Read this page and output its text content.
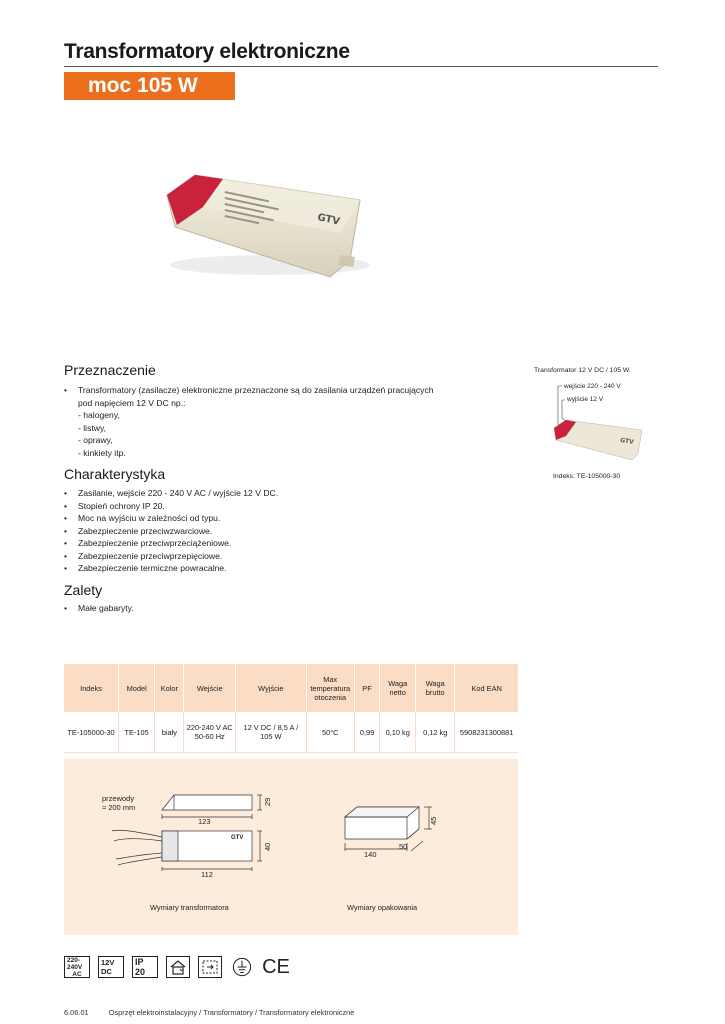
Transformatory elektroniczne
moc 105 W
GTV
Przeznaczenie
• Transformatory (zasilacze) elektroniczne przeznaczone są do zasilania urządzeń pracujących pod napięciem 12 V DC np.:
- halogeny,
- listwy,
- oprawy,
- kinkiety itp.
Charakterystyka
• Zasilanie, wejście 220 - 240 V AC / wyjście 12 V DC.
• Stopień ochrony IP 20.
• Moc na wyjściu w zależności od typu.
• Zabezpieczenie przeciwzwarciowe.
• Zabezpieczenie przeciwprzeciążeniowe.
• Zabezpieczenie przeciwprzepięciowe.
• Zabezpieczenie termiczne powracalne.
Zalety
• Małe gabaryty.
Transformator 12 V DC / 105 W.
wejście 220 - 240 V
wyjście 12 V
GTV
Indeks: TE-105000-30
Indeks	Model	Kolor	Wejście	Wyjście	Max temperatura otoczenia	PF	Waga netto	Waga brutto	Kod EAN
TE-105000-30	TE-105	biały	220-240 V AC 50-60 Hz	12 V DC / 8,5 A / 105 W	50°C	0,99	0,10 kg	0,12 kg	5908231300881
przewody
≈ 200 mm
123
29
GTV
112
40
140
50
45
Wymiary transformatora	Wymiary opakowania
220-240V
AC
12V DC
IP 20	CE
6.06.01	Osprzęt elektroinstalacyjny / Transformatory / Transformatory elektroniczne
